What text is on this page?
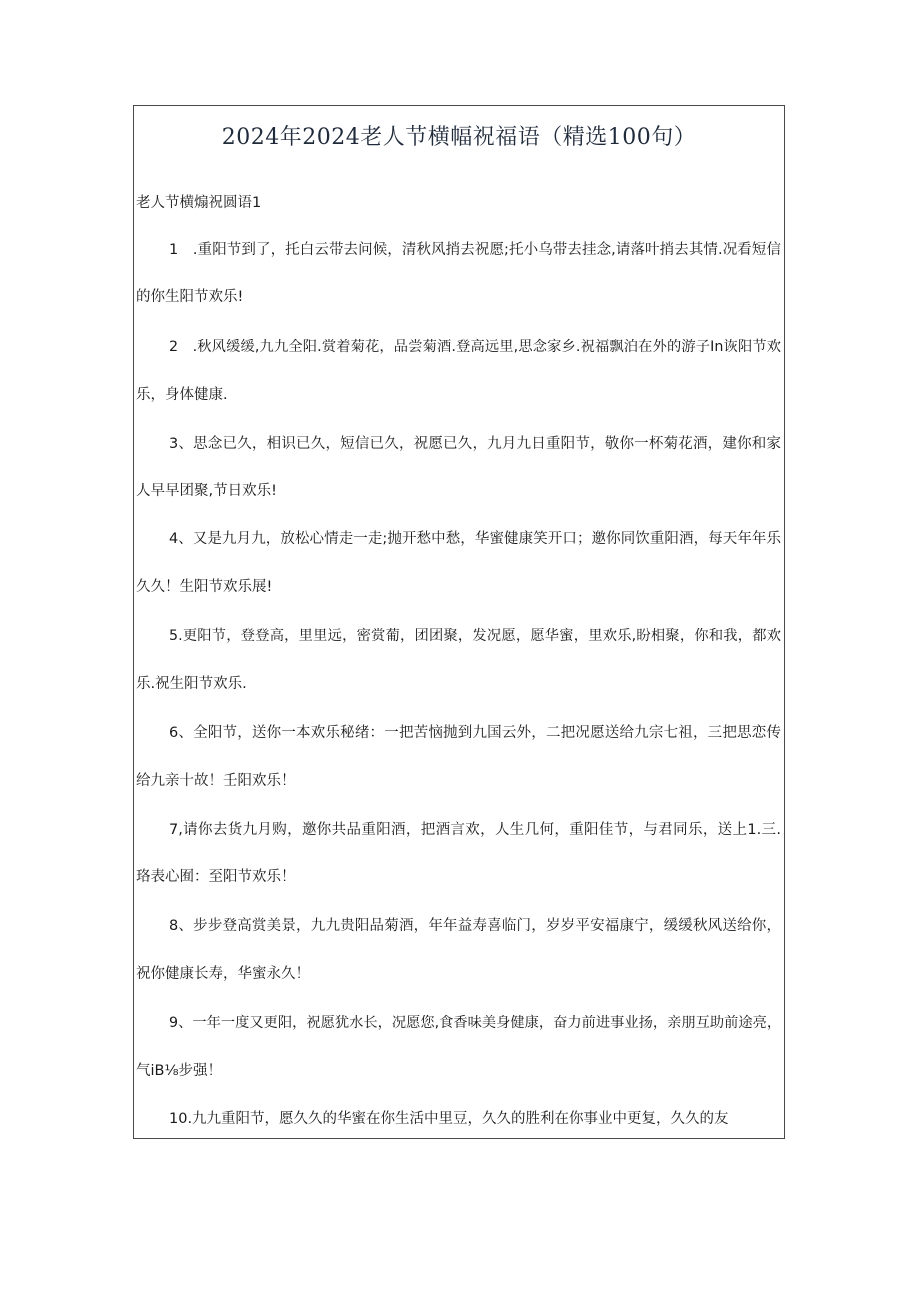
2024年2024老人节横幅祝福语（精选100句）
老人节横煽祝圆语1

1　.重阳节到了，托白云带去问候，清秋风捎去祝愿;托小乌带去挂念,请落叶捎去其情.况看短信

的你生阳节欢乐!

2　.秋风缓缓,九九全阳.赏着菊花，品尝菊酒.登高远里,思念家乡.祝福飘泊在外的游子In诙阳节欢

乐，身体健康.

3、思念已久，相识已久，短信已久，祝愿已久，九月九日重阳节，敬你一杯菊花酒，建你和家

人早早团聚,节日欢乐!

4、又是九月九，放松心情走一走;抛开愁中愁，华蜜健康笑开口；邀你同饮重阳酒，每天年年乐

久久！生阳节欢乐展!

5.更阳节，登登高，里里远，密赏葡，团团聚，发况愿，愿华蜜，里欢乐,盼相聚，你和我，都欢

乐.祝生阳节欢乐.

6、全阳节，送你一本欢乐秘绪：一把苦恼抛到九国云外，二把况愿送给九宗七祖，三把思恋传

给九亲十故！壬阳欢乐！

7,请你去货九月购，邀你共品重阳酒，把酒言欢，人生几何，重阳佳节，与君同乐，送上1.三.

珞表心囿：至阳节欢乐！

8、步步登高赏美景，九九贵阳品菊酒，年年益寿喜临门，岁岁平安福康宁，缓缓秋风送给你，

祝你健康长寿，华蜜永久！

9、一年一度又更阳，祝愿犹水长，况愿您,食香味美身健康，奋力前进事业扬，亲朋互助前途亮，

气iB⅛步强！

10.九九重阳节，愿久久的华蜜在你生活中里豆，久久的胜利在你事业中更复，久久的友
